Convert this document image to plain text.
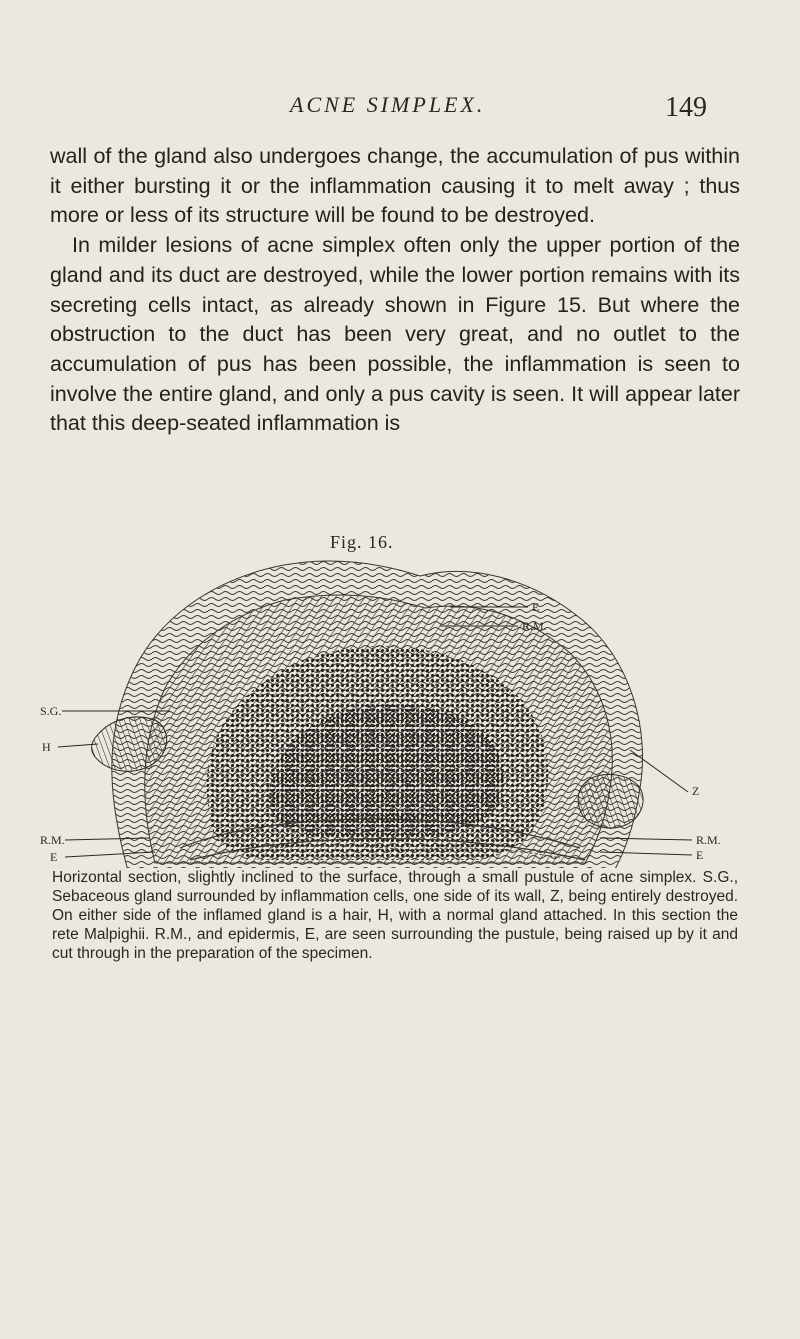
ACNE SIMPLEX.	149

wall of the gland also undergoes change, the accumulation of pus within it either bursting it or the inflammation causing it to melt away ; thus more or less of its structure will be found to be destroyed.

In milder lesions of acne simplex often only the upper portion of the gland and its duct are destroyed, while the lower portion remains with its secreting cells intact, as already shown in Figure 15. But where the obstruction to the duct has been very great, and no outlet to the accumulation of pus has been possible, the inflammation is seen to involve the entire gland, and only a pus cavity is seen. It will appear later that this deep-seated inflammation is

Fig. 16.
E
R.M.
S.G.
H
Z
R.M.
E
R.M.
E
Horizontal section, slightly inclined to the surface, through a small pustule of acne simplex. S.G., Sebaceous gland surrounded by inflammation cells, one side of its wall, Z, being entirely destroyed. On either side of the inflamed gland is a hair, H, with a normal gland attached. In this section the rete Malpighii. R.M., and epidermis, E, are seen surrounding the pustule, being raised up by it and cut through in the preparation of the specimen.
